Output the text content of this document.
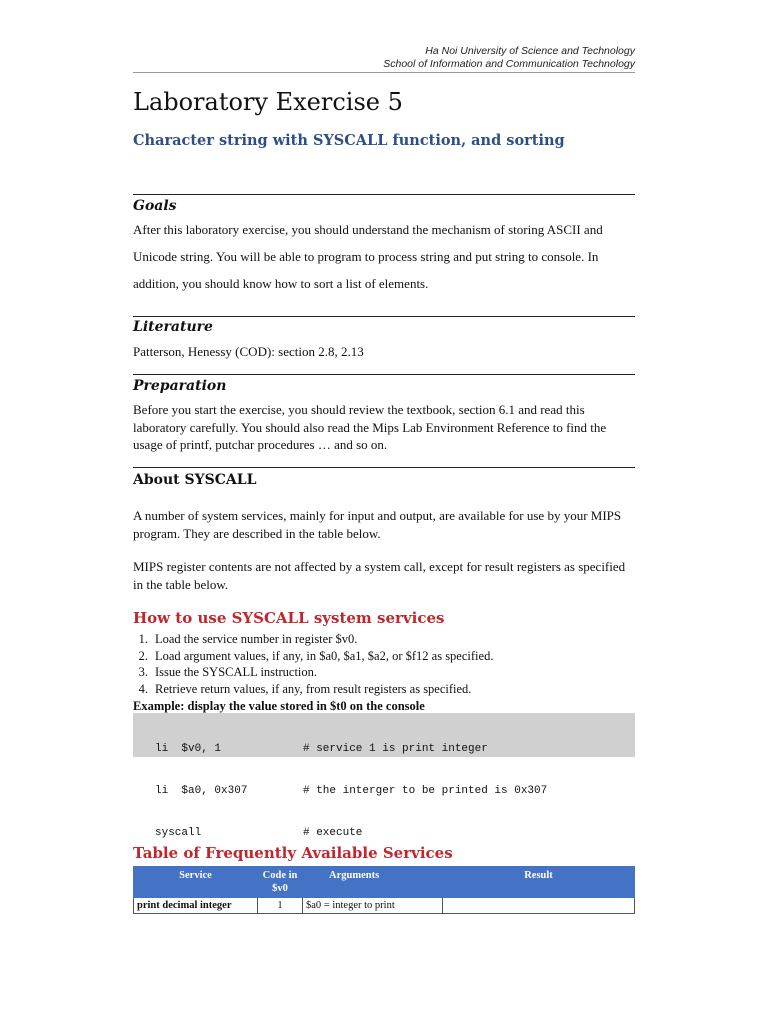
Ha Noi University of Science and Technology
School of Information and Communication Technology
Laboratory Exercise 5
Character string with SYSCALL function, and sorting
Goals
After this laboratory exercise, you should understand the mechanism of storing ASCII and Unicode string. You will be able to program to process string and put string to console. In addition, you should know how to sort a list of elements.
Literature
Patterson, Henessy (COD): section 2.8, 2.13
Preparation
Before you start the exercise, you should review the textbook, section 6.1 and read this laboratory carefully. You should also read the Mips Lab Environment Reference to find the usage of printf, putchar procedures … and so on.
About SYSCALL
A number of system services, mainly for input and output, are available for use by your MIPS program. They are described in the table below.
MIPS register contents are not affected by a system call, except for result registers as specified in the table below.
How to use SYSCALL system services
1. Load the service number in register $v0.
2. Load argument values, if any, in $a0, $a1, $a2, or $f12 as specified.
3. Issue the SYSCALL instruction.
4. Retrieve return values, if any, from result registers as specified.
Example: display the value stored in $t0 on the console

li  $v0, 1	# service 1 is print integer

li  $a0, 0x307	# the interger to be printed is 0x307

syscall	# execute

Table of Frequently Available Services
Service	Code in $v0	Arguments	Result
print decimal integer	1	$a0 = integer to print	
